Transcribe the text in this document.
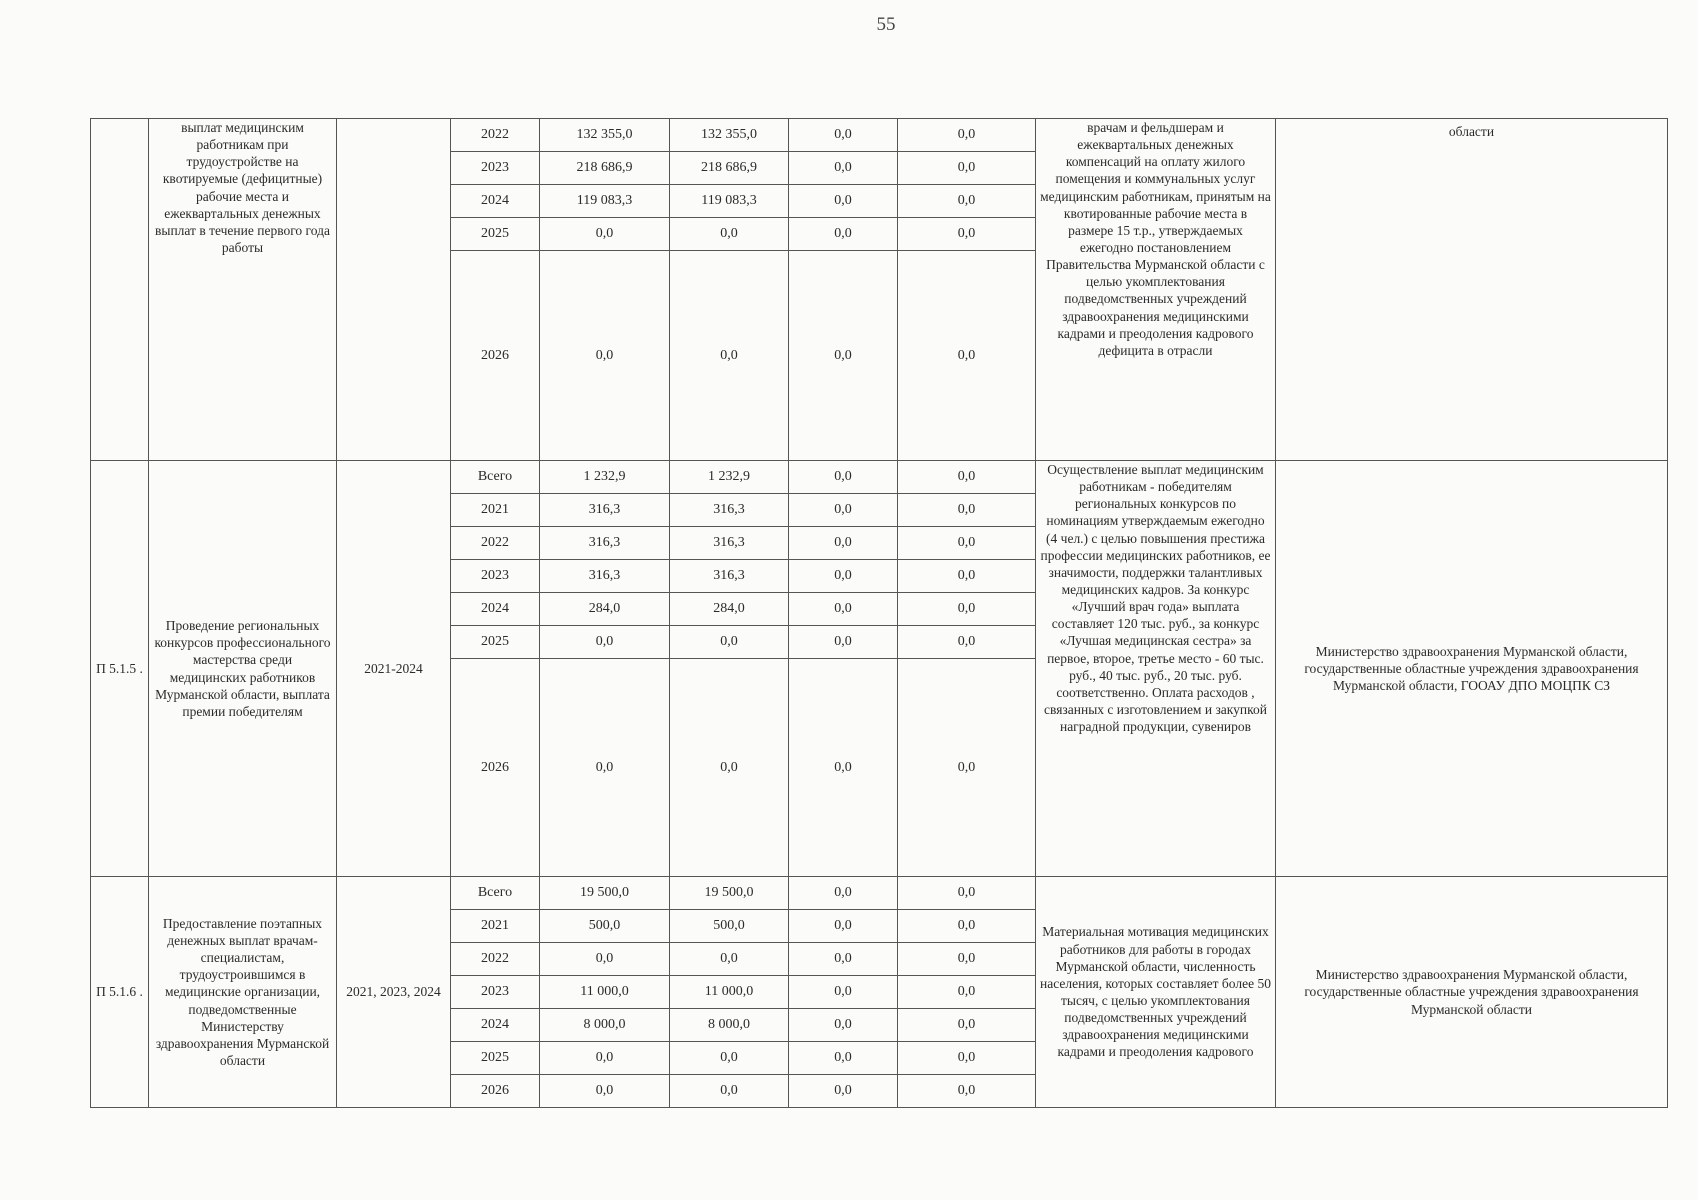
55
	выплат медицинским работникам при трудоустройстве на квотируемые (дефицитные) рабочие места и ежеквартальных денежных выплат в течение первого года работы		2022	132 355,0	132 355,0	0,0	0,0	врачам и фельдшерам и ежеквартальных денежных компенсаций на оплату жилого помещения и коммунальных услуг медицинским работникам, принятым на квотированные рабочие места в размере 15 т.р., утверждаемых ежегодно постановлением Правительства Мурманской области с целью укомплектования подведомственных учреждений здравоохранения медицинскими кадрами и преодоления кадрового дефицита в отрасли	области
			2023	218 686,9	218 686,9	0,0	0,0		
			2024	119 083,3	119 083,3	0,0	0,0		
			2025	0,0	0,0	0,0	0,0		
			2026	0,0	0,0	0,0	0,0		
П 5.1.5 .	Проведение региональных конкурсов профессионального мастерства среди медицинских работников Мурманской области, выплата премии победителям	2021-2024	Всего	1 232,9	1 232,9	0,0	0,0	Осуществление выплат медицинским работникам - победителям региональных конкурсов по номинациям утверждаемым ежегодно (4 чел.) с целью повышения престижа профессии медицинских работников, ее значимости, поддержки талантливых медицинских кадров. За конкурс «Лучший врач года» выплата составляет 120 тыс. руб., за конкурс «Лучшая медицинская сестра» за первое, второе, третье место - 60 тыс. руб., 40 тыс. руб., 20 тыс. руб. соответственно. Оплата расходов , связанных с изготовлением и закупкой наградной продукции, сувениров	Министерство здравоохранения Мурманской области, государственные областные учреждения здравоохранения Мурманской области, ГООАУ ДПО МОЦПК СЗ
			2021	316,3	316,3	0,0	0,0		
			2022	316,3	316,3	0,0	0,0		
			2023	316,3	316,3	0,0	0,0		
			2024	284,0	284,0	0,0	0,0		
			2025	0,0	0,0	0,0	0,0		
			2026	0,0	0,0	0,0	0,0		
П 5.1.6 .	Предоставление поэтапных денежных выплат врачам-специалистам, трудоустроившимся в медицинские организации, подведомственные Министерству здравоохранения Мурманской области	2021, 2023, 2024	Всего	19 500,0	19 500,0	0,0	0,0	Материальная мотивация медицинских работников для работы в городах Мурманской области, численность населения, которых составляет более 50 тысяч, с целью укомплектования подведомственных учреждений здравоохранения медицинскими кадрами и преодоления кадрового	Министерство здравоохранения Мурманской области, государственные областные учреждения здравоохранения Мурманской области
			2021	500,0	500,0	0,0	0,0		
			2022	0,0	0,0	0,0	0,0		
			2023	11 000,0	11 000,0	0,0	0,0		
			2024	8 000,0	8 000,0	0,0	0,0		
			2025	0,0	0,0	0,0	0,0		
			2026	0,0	0,0	0,0	0,0		
